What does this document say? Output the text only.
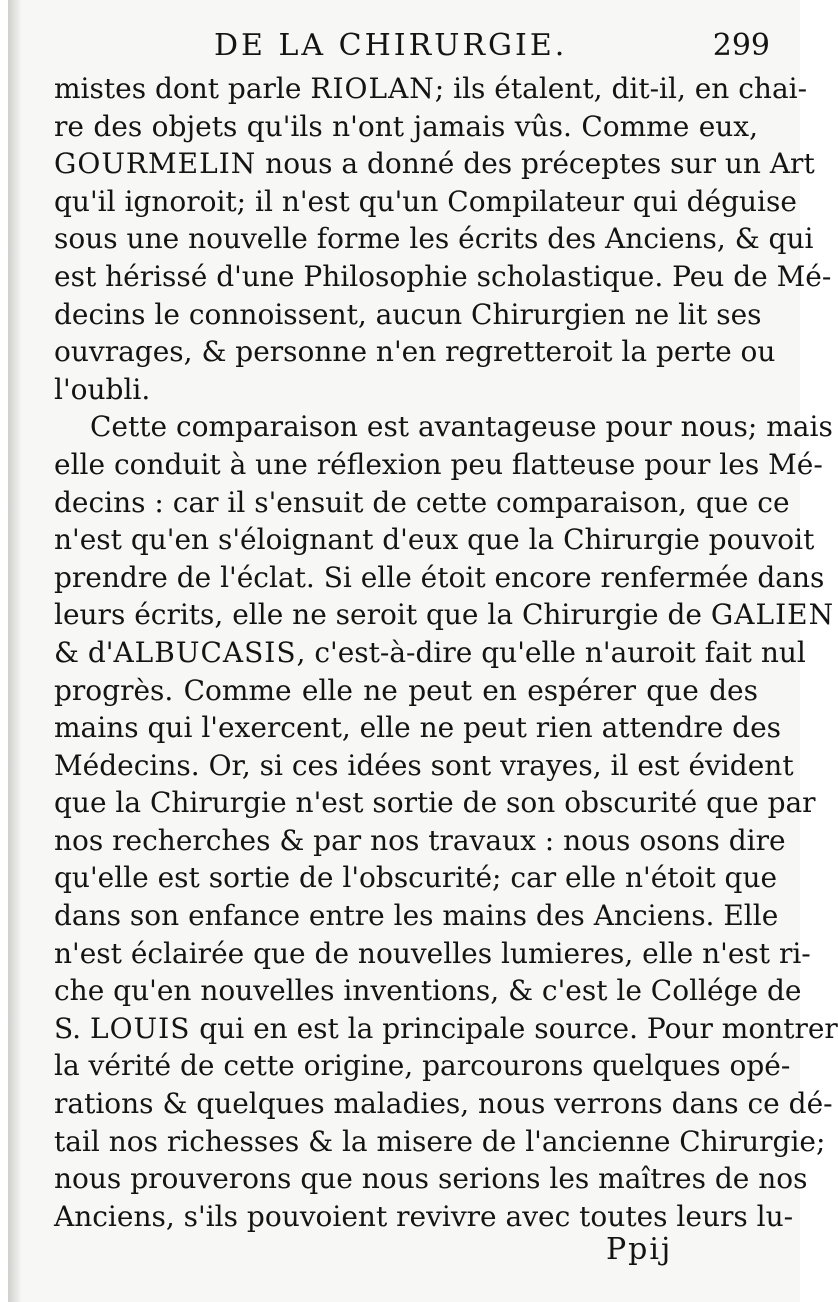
DE LA CHIRURGIE.	299
mistes dont parle RIOLAN; ils étalent, dit-il, en chai-
re des objets qu'ils n'ont jamais vûs. Comme eux,
GOURMELIN nous a donné des préceptes sur un Art
qu'il ignoroit; il n'est qu'un Compilateur qui déguise
sous une nouvelle forme les écrits des Anciens, & qui
est hérissé d'une Philosophie scholastique. Peu de Mé-
decins le connoissent, aucun Chirurgien ne lit ses
ouvrages, & personne n'en regretteroit la perte ou
l'oubli.
Cette comparaison est avantageuse pour nous; mais
elle conduit à une réflexion peu flatteuse pour les Mé-
decins : car il s'ensuit de cette comparaison, que ce
n'est qu'en s'éloignant d'eux que la Chirurgie pouvoit
prendre de l'éclat. Si elle étoit encore renfermée dans
leurs écrits, elle ne seroit que la Chirurgie de GALIEN
& d'ALBUCASIS, c'est-à-dire qu'elle n'auroit fait nul
progrès. Comme elle ne peut en espérer que des
mains qui l'exercent, elle ne peut rien attendre des
Médecins. Or, si ces idées sont vrayes, il est évident
que la Chirurgie n'est sortie de son obscurité que par
nos recherches & par nos travaux : nous osons dire
qu'elle est sortie de l'obscurité; car elle n'étoit que
dans son enfance entre les mains des Anciens. Elle
n'est éclairée que de nouvelles lumieres, elle n'est ri-
che qu'en nouvelles inventions, & c'est le Collége de
S. LOUIS qui en est la principale source. Pour montrer
la vérité de cette origine, parcourons quelques opé-
rations & quelques maladies, nous verrons dans ce dé-
tail nos richesses & la misere de l'ancienne Chirurgie;
nous prouverons que nous serions les maîtres de nos
Anciens, s'ils pouvoient revivre avec toutes leurs lu-
Ppij
